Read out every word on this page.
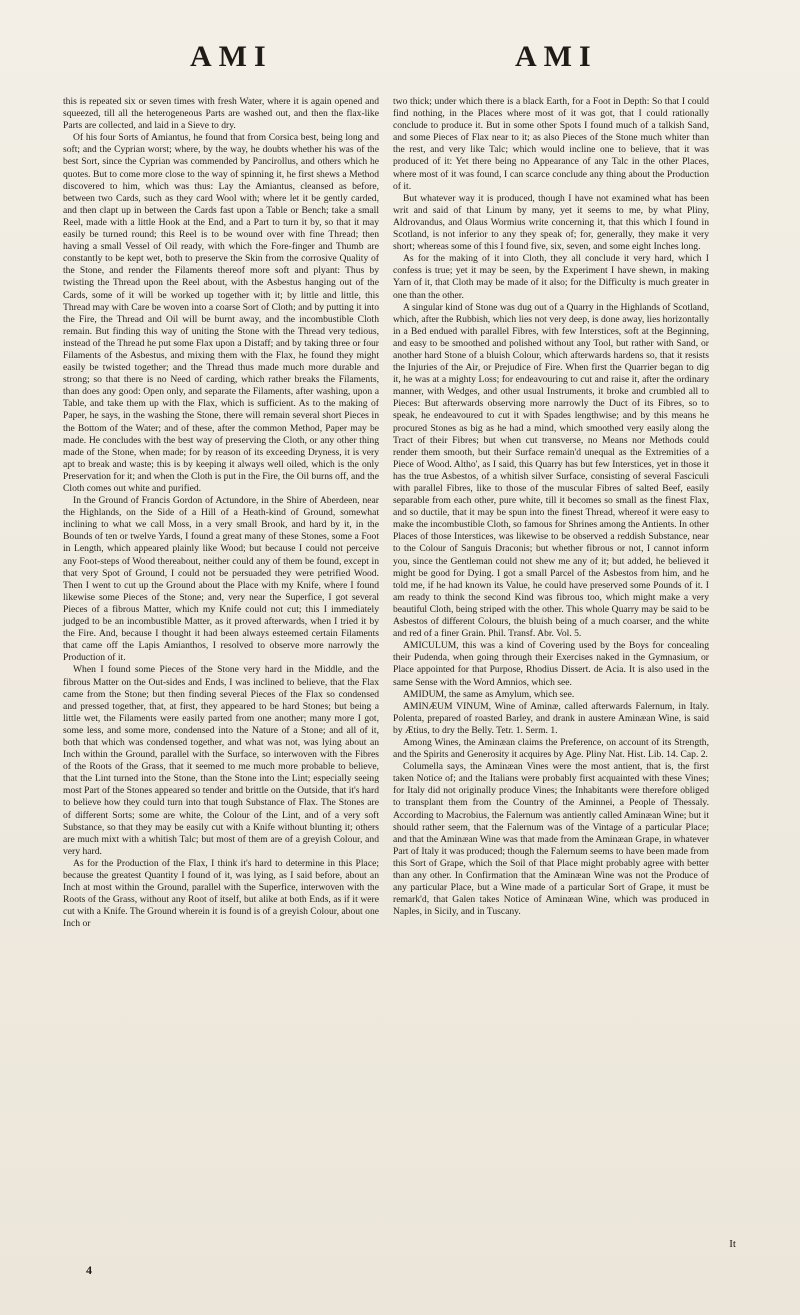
AMI	AMI

this is repeated six or seven times with fresh Water, where it is again opened and squeezed, till all the heterogeneous Parts are washed out, and then the flax-like Parts are collected, and laid in a Sieve to dry.

Of his four Sorts of Amiantus, he found that from Corsica best, being long and soft; and the Cyprian worst; where, by the way, he doubts whether his was of the best Sort, since the Cyprian was commended by Pancirollus, and others which he quotes. But to come more close to the way of spinning it, he first shews a Method discovered to him, which was thus: Lay the Amiantus, cleansed as before, between two Cards, such as they card Wool with; where let it be gently carded, and then clapt up in between the Cards fast upon a Table or Bench; take a small Reel, made with a little Hook at the End, and a Part to turn it by, so that it may easily be turned round; this Reel is to be wound over with fine Thread; then having a small Vessel of Oil ready, with which the Fore-finger and Thumb are constantly to be kept wet, both to preserve the Skin from the corrosive Quality of the Stone, and render the Filaments thereof more soft and plyant: Thus by twisting the Thread upon the Reel about, with the Asbestus hanging out of the Cards, some of it will be worked up together with it; by little and little, this Thread may with Care be woven into a coarse Sort of Cloth; and by putting it into the Fire, the Thread and Oil will be burnt away, and the incombustible Cloth remain. But finding this way of uniting the Stone with the Thread very tedious, instead of the Thread he put some Flax upon a Distaff; and by taking three or four Filaments of the Asbestus, and mixing them with the Flax, he found they might easily be twisted together; and the Thread thus made much more durable and strong; so that there is no Need of carding, which rather breaks the Filaments, than does any good: Open only, and separate the Filaments, after washing, upon a Table, and take them up with the Flax, which is sufficient. As to the making of Paper, he says, in the washing the Stone, there will remain several short Pieces in the Bottom of the Water; and of these, after the common Method, Paper may be made. He concludes with the best way of preserving the Cloth, or any other thing made of the Stone, when made; for by reason of its exceeding Dryness, it is very apt to break and waste; this is by keeping it always well oiled, which is the only Preservation for it; and when the Cloth is put in the Fire, the Oil burns off, and the Cloth comes out white and purified.

In the Ground of Francis Gordon of Actundore, in the Shire of Aberdeen, near the Highlands, on the Side of a Hill of a Heath-kind of Ground, somewhat inclining to what we call Moss, in a very small Brook, and hard by it, in the Bounds of ten or twelve Yards, I found a great many of these Stones, some a Foot in Length, which appeared plainly like Wood; but because I could not perceive any Foot-steps of Wood thereabout, neither could any of them be found, except in that very Spot of Ground, I could not be persuaded they were petrified Wood. Then I went to cut up the Ground about the Place with my Knife, where I found likewise some Pieces of the Stone; and, very near the Superfice, I got several Pieces of a fibrous Matter, which my Knife could not cut; this I immediately judged to be an incombustible Matter, as it proved afterwards, when I tried it by the Fire. And, because I thought it had been always esteemed certain Filaments that came off the Lapis Amianthos, I resolved to observe more narrowly the Production of it.

When I found some Pieces of the Stone very hard in the Middle, and the fibrous Matter on the Out-sides and Ends, I was inclined to believe, that the Flax came from the Stone; but then finding several Pieces of the Flax so condensed and pressed together, that, at first, they appeared to be hard Stones; but being a little wet, the Filaments were easily parted from one another; many more I got, some less, and some more, condensed into the Nature of a Stone; and all of it, both that which was condensed together, and what was not, was lying about an Inch within the Ground, parallel with the Surface, so interwoven with the Fibres of the Roots of the Grass, that it seemed to me much more probable to believe, that the Lint turned into the Stone, than the Stone into the Lint; especially seeing most Part of the Stones appeared so tender and brittle on the Outside, that it's hard to believe how they could turn into that tough Substance of Flax. The Stones are of different Sorts; some are white, the Colour of the Lint, and of a very soft Substance, so that they may be easily cut with a Knife without blunting it; others are much mixt with a whitish Talc; but most of them are of a greyish Colour, and very hard.

As for the Production of the Flax, I think it's hard to determine in this Place; because the greatest Quantity I found of it, was lying, as I said before, about an Inch at most within the Ground, parallel with the Superfice, interwoven with the Roots of the Grass, without any Root of itself, but alike at both Ends, as if it were cut with a Knife. The Ground wherein it is found is of a greyish Colour, about one Inch or

two thick; under which there is a black Earth, for a Foot in Depth: So that I could find nothing, in the Places where most of it was got, that I could rationally conclude to produce it. But in some other Spots I found much of a talkish Sand, and some Pieces of Flax near to it; as also Pieces of the Stone much whiter than the rest, and very like Talc; which would incline one to believe, that it was produced of it: Yet there being no Appearance of any Talc in the other Places, where most of it was found, I can scarce conclude any thing about the Production of it.

But whatever way it is produced, though I have not examined what has been writ and said of that Linum by many, yet it seems to me, by what Pliny, Aldrovandus, and Olaus Wormius write concerning it, that this which I found in Scotland, is not inferior to any they speak of; for, generally, they make it very short; whereas some of this I found five, six, seven, and some eight Inches long.

As for the making of it into Cloth, they all conclude it very hard, which I confess is true; yet it may be seen, by the Experiment I have shewn, in making Yarn of it, that Cloth may be made of it also; for the Difficulty is much greater in one than the other.

A singular kind of Stone was dug out of a Quarry in the Highlands of Scotland, which, after the Rubbish, which lies not very deep, is done away, lies horizontally in a Bed endued with parallel Fibres, with few Interstices, soft at the Beginning, and easy to be smoothed and polished without any Tool, but rather with Sand, or another hard Stone of a bluish Colour, which afterwards hardens so, that it resists the Injuries of the Air, or Prejudice of Fire. When first the Quarrier began to dig it, he was at a mighty Loss; for endeavouring to cut and raise it, after the ordinary manner, with Wedges, and other usual Instruments, it broke and crumbled all to Pieces: But afterwards observing more narrowly the Duct of its Fibres, so to speak, he endeavoured to cut it with Spades lengthwise; and by this means he procured Stones as big as he had a mind, which smoothed very easily along the Tract of their Fibres; but when cut transverse, no Means nor Methods could render them smooth, but their Surface remain'd unequal as the Extremities of a Piece of Wood. Altho', as I said, this Quarry has but few Interstices, yet in those it has the true Asbestos, of a whitish silver Surface, consisting of several Fasciculi with parallel Fibres, like to those of the muscular Fibres of salted Beef, easily separable from each other, pure white, till it becomes so small as the finest Flax, and so ductile, that it may be spun into the finest Thread, whereof it were easy to make the incombustible Cloth, so famous for Shrines among the Antients. In other Places of those Interstices, was likewise to be observed a reddish Substance, near to the Colour of Sanguis Draconis; but whether fibrous or not, I cannot inform you, since the Gentleman could not shew me any of it; but added, he believed it might be good for Dying. I got a small Parcel of the Asbestos from him, and he told me, if he had known its Value, he could have preserved some Pounds of it. I am ready to think the second Kind was fibrous too, which might make a very beautiful Cloth, being striped with the other. This whole Quarry may be said to be Asbestos of different Colours, the bluish being of a much coarser, and the white and red of a finer Grain. Phil. Transf. Abr. Vol. 5.

AMICULUM, this was a kind of Covering used by the Boys for concealing their Pudenda, when going through their Exercises naked in the Gymnasium, or Place appointed for that Purpose, Rhodius Dissert. de Acia. It is also used in the same Sense with the Word Amnios, which see.

AMIDUM, the same as Amylum, which see.

AMINÆUM VINUM, Wine of Aminæ, called afterwards Falernum, in Italy. Polenta, prepared of roasted Barley, and drank in austere Aminæan Wine, is said by Ætius, to dry the Belly. Tetr. 1. Serm. 1.

Among Wines, the Aminæan claims the Preference, on account of its Strength, and the Spirits and Generosity it acquires by Age. Pliny Nat. Hist. Lib. 14. Cap. 2.

Columella says, the Aminæan Vines were the most antient, that is, the first taken Notice of; and the Italians were probably first acquainted with these Vines; for Italy did not originally produce Vines; the Inhabitants were therefore obliged to transplant them from the Country of the Aminnei, a People of Thessaly. According to Macrobius, the Falernum was antiently called Aminæan Wine; but it should rather seem, that the Falernum was of the Vintage of a particular Place; and that the Aminæan Wine was that made from the Aminæan Grape, in whatever Part of Italy it was produced; though the Falernum seems to have been made from this Sort of Grape, which the Soil of that Place might probably agree with better than any other. In Confirmation that the Aminæan Wine was not the Produce of any particular Place, but a Wine made of a particular Sort of Grape, it must be remark'd, that Galen takes Notice of Aminæan Wine, which was produced in Naples, in Sicily, and in Tuscany.

It
4
